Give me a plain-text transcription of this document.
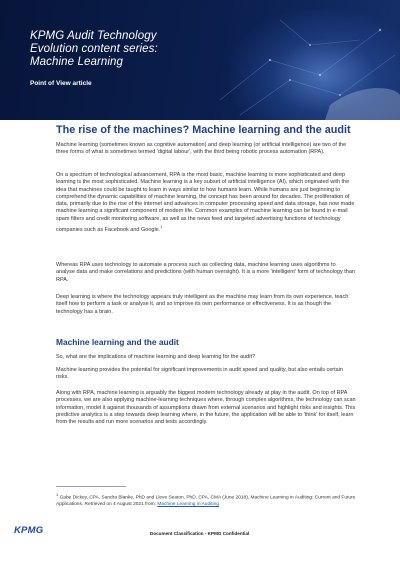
KPMG Audit Technology
Evolution content series:
Machine Learning
Point of View article
The rise of the machines? Machine learning and the audit

Machine learning (sometimes known as cognitive automation) and deep learning (or artificial intelligence) are two of the three forms of what is sometimes termed 'digital labour', with the third being robotic process automation (RPA).

On a spectrum of technological advancement, RPA is the most basic, machine learning is more sophisticated and deep learning is the most sophisticated. Machine learning is a key subset of artificial intelligence (AI), which originated with the idea that machines could be taught to learn in ways similar to how humans learn. While humans are just beginning to comprehend the dynamic capabilities of machine learning, the concept has been around for decades. The proliferation of data, primarily due to the rise of the internet and advances in computer processing speed and data storage, has now made machine learning a significant component of modern life. Common examples of machine learning can be found in e-mail spam filters and credit monitoring software, as well as the news feed and targeted advertising functions of technology companies such as Facebook and Google.$^1$

Whereas RPA uses technology to automate a process such as collecting data, machine learning uses algorithms to analyse data and make correlations and predictions (with human oversight). It is a more 'intelligent' form of technology than RPA.

Deep learning is where the technology appears truly intelligent as the machine may learn from its own experience, teach itself how to perform a task or analyse it, and so improve its own performance or effectiveness. It is as though the technology has a brain.

Machine learning and the audit

So, what are the implications of machine learning and deep learning for the audit?

Machine learning provides the potential for significant improvements in audit speed and quality, but also entails certain risks.

Along with RPA, machine learning is arguably the biggest modern technology already at play in the audit. On top of RPA processes, we are also applying machine-learning techniques where, through complex algorithms, the technology can scan information, model it against thousands of assumptions drawn from external scenarios and highlight risks and insights. This predictive analytics is a step towards deep learning where, in the future, the application will be able to 'think' for itself, learn from the results and run more scenarios and tests accordingly.

$^1$ Gabe Dickey, CPA, Sandra Blanke, PhD and Lleve Seaton, PhD, CPA, CMA (June 2018), Machine Learning in Auditing: Current and Future Applications. Retrieved on 4 August 2021 from: Machine Learning in Auditing
KPMG	Document Classification - KPMG Confidential
